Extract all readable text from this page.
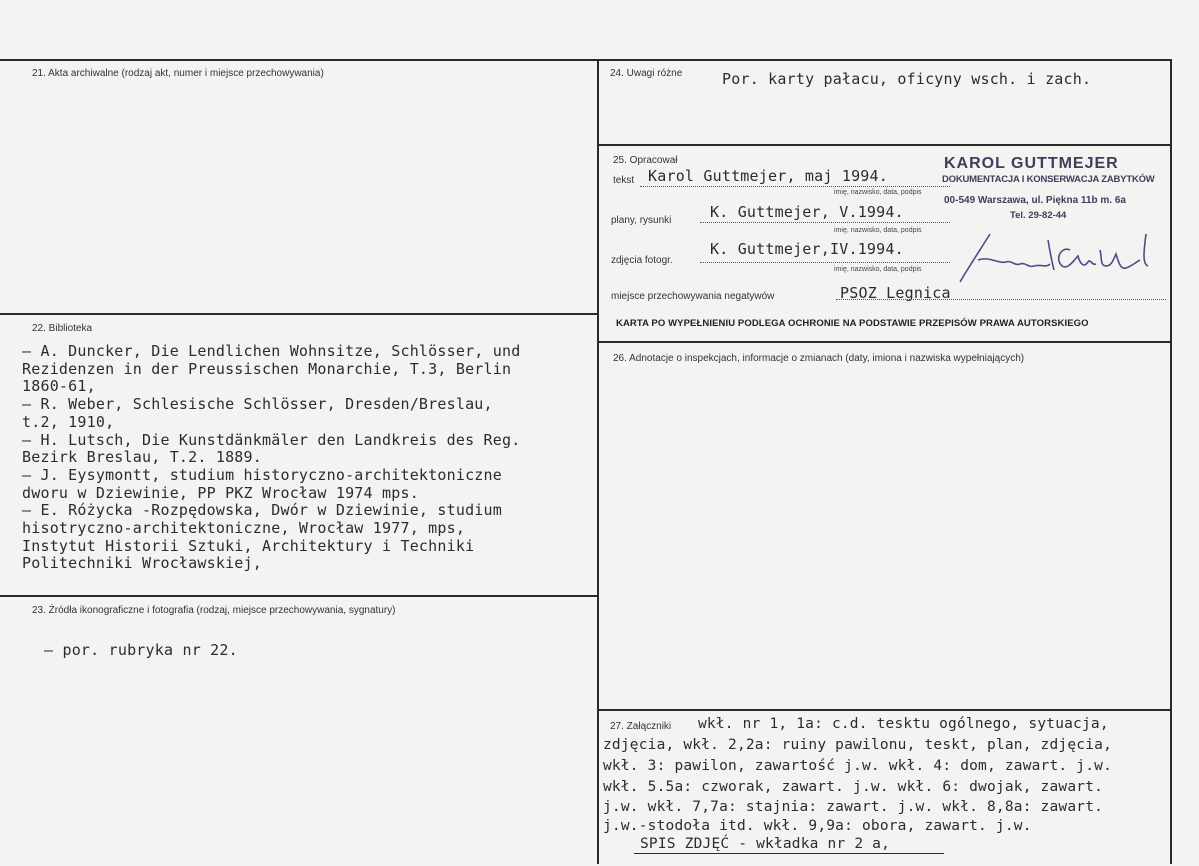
21. Akta archiwalne (rodzaj akt, numer i miejsce przechowywania)
22. Biblioteka
– A. Duncker, Die Lendlichen Wohnsitze, Schlösser, und
Rezidenzen in der Preussischen Monarchie, T.3, Berlin
1860-61,
– R. Weber, Schlesische Schlösser, Dresden/Breslau,
t.2, 1910,
– H. Lutsch, Die Kunstdänkmäler den Landkreis des Reg.
Bezirk Breslau, T.2. 1889.
– J. Eysymontt, studium historyczno-architektoniczne
dworu w Dziewinie, PP PKZ Wrocław 1974 mps.
– E. Różycka -Rozpędowska, Dwór w Dziewinie, studium
hisotryczno-architektoniczne, Wrocław 1977, mps,
Instytut Historii Sztuki, Architektury i Techniki
Politechniki Wrocławskiej,
23. Źródła ikonograficzne i fotografia (rodzaj, miejsce przechowywania, sygnatury)
– por. rubryka nr 22.
24. Uwagi różne	Por. karty pałacu, oficyny wsch. i zach.
25. Opracował
tekst Karol Guttmejer, maj 1994.
imię, nazwisko, data, podpis
plany, rysunki	K. Guttmejer, V.1994.
imię, nazwisko, data, podpis
zdjęcia fotogr.
K. Guttmejer,IV.1994.
imię, nazwisko, data, podpis
miejsce przechowywania negatywów	PSOZ Legnica
KARTA PO WYPEŁNIENIU PODLEGA OCHRONIE NA PODSTAWIE PRZEPISÓW PRAWA AUTORSKIEGO
KAROL GUTTMEJER
DOKUMENTACJA I KONSERWACJA ZABYTKÓW
00-549 Warszawa, ul. Piękna 11b m. 6a
Tel. 29-82-44
26. Adnotacje o inspekcjach, informacje o zmianach (daty, imiona i nazwiska wypełniających)
27. Załączniki wkł. nr 1, 1a: c.d. tesktu ogólnego, sytuacja,
zdjęcia, wkł. 2,2a: ruiny pawilonu, teskt, plan, zdjęcia,
wkł. 3: pawilon, zawartość j.w. wkł. 4: dom, zawart. j.w.
wkł. 5.5a: czworak, zawart. j.w. wkł. 6: dwojak, zawart.
j.w. wkł. 7,7a: stajnia: zawart. j.w. wkł. 8,8a: zawart.
j.w.-stodoła itd. wkł. 9,9a: obora, zawart. j.w.
SPIS ZDJĘĆ - wkładka nr 2 a,
